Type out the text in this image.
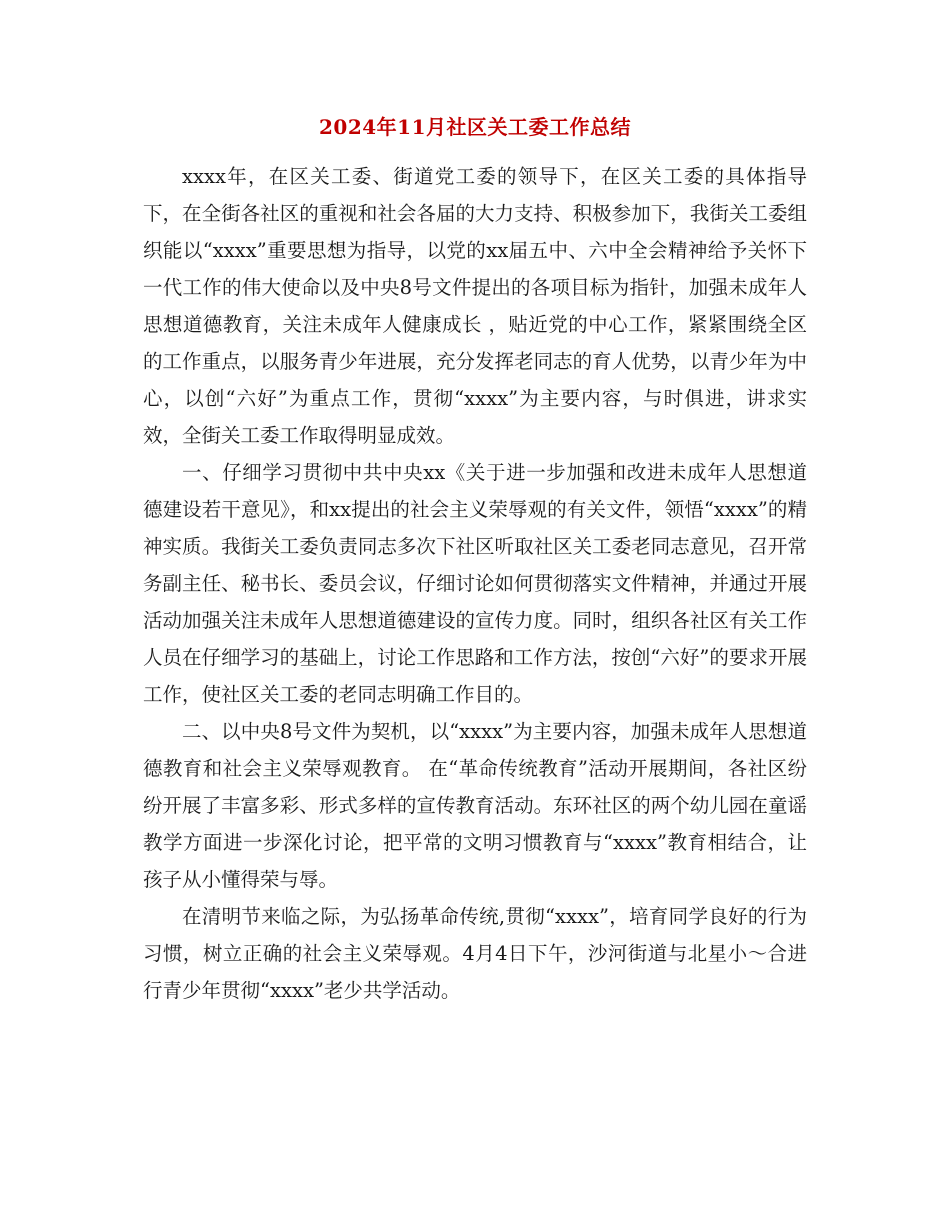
2024年11月社区关工委工作总结

xxxx年，在区关工委、街道党工委的领导下，在区关工委的具体指导下，在全街各社区的重视和社会各届的大力支持、积极参加下，我街关工委组织能以“xxxx”重要思想为指导，以党的xx届五中、六中全会精神给予关怀下一代工作的伟大使命以及中央8号文件提出的各项目标为指针，加强未成年人思想道德教育，关注未成年人健康成长 ，贴近党的中心工作，紧紧围绕全区的工作重点，以服务青少年进展，充分发挥老同志的育人优势，以青少年为中心，以创“六好”为重点工作，贯彻“xxxx”为主要内容，与时俱进，讲求实效，全街关工委工作取得明显成效。

一、仔细学习贯彻中共中央xx《关于进一步加强和改进未成年人思想道德建设若干意见》，和xx提出的社会主义荣辱观的有关文件，领悟“xxxx”的精神实质。我街关工委负责同志多次下社区听取社区关工委老同志意见，召开常务副主任、秘书长、委员会议，仔细讨论如何贯彻落实文件精神，并通过开展活动加强关注未成年人思想道德建设的宣传力度。同时，组织各社区有关工作人员在仔细学习的基础上，讨论工作思路和工作方法，按创“六好”的要求开展工作，使社区关工委的老同志明确工作目的。

二、以中央8号文件为契机，以“xxxx”为主要内容，加强未成年人思想道德教育和社会主义荣辱观教育。 在“革命传统教育”活动开展期间，各社区纷纷开展了丰富多彩、形式多样的宣传教育活动。东环社区的两个幼儿园在童谣教学方面进一步深化讨论，把平常的文明习惯教育与“xxxx”教育相结合，让孩子从小懂得荣与辱。

在清明节来临之际，为弘扬革命传统,贯彻“xxxx”，培育同学良好的行为习惯，树立正确的社会主义荣辱观。4月4日下午，沙河街道与北星小～合进行青少年贯彻“xxxx”老少共学活动。
